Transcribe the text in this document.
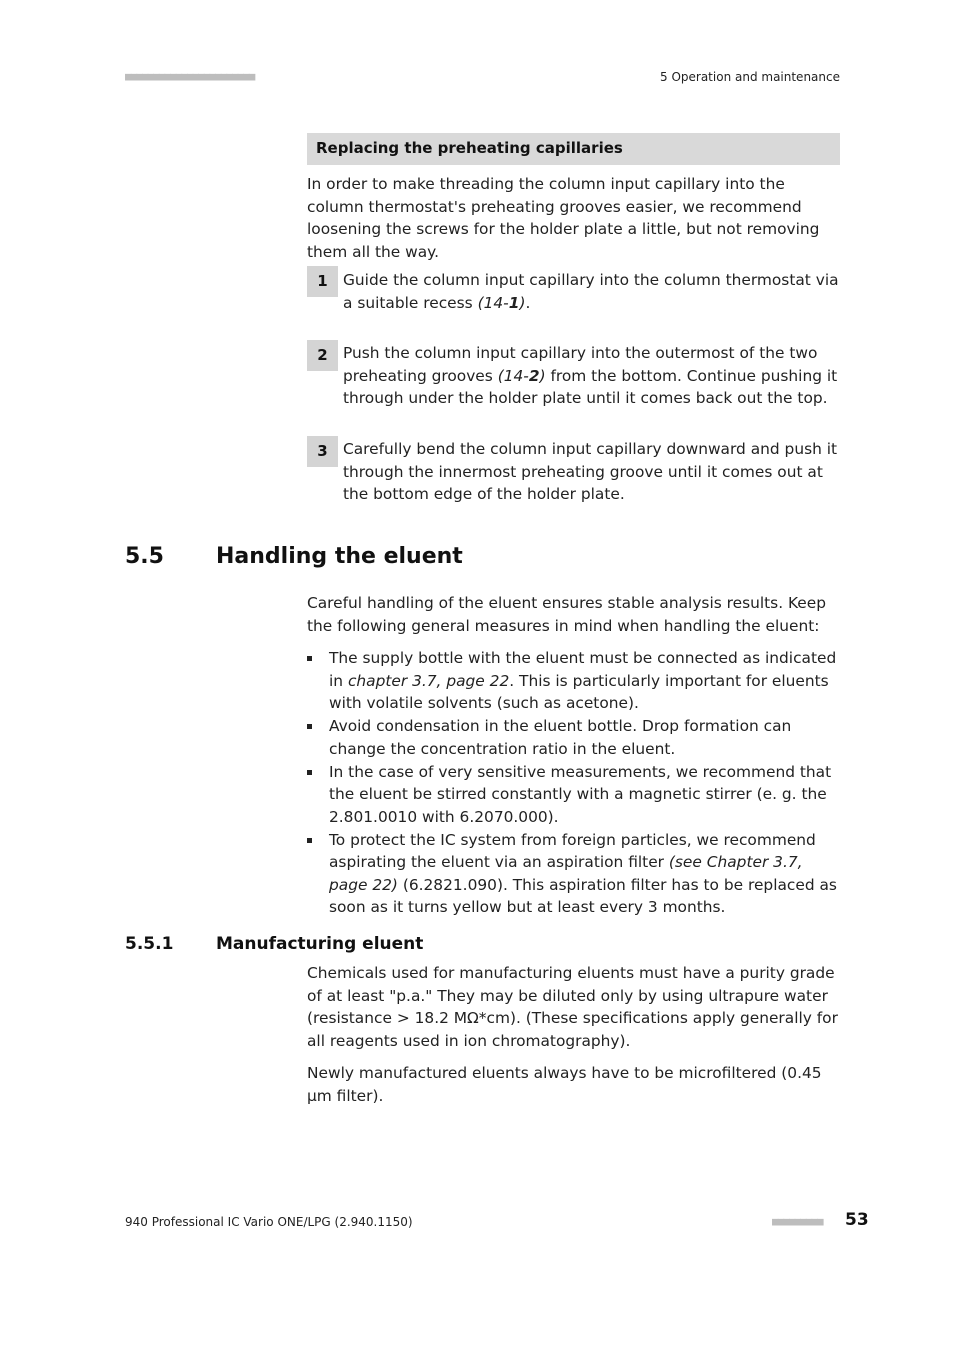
■■■■■■■■■■■■■■■■■■■■■■■	5 Operation and maintenance
Replacing the preheating capillaries
In order to make threading the column input capillary into the column thermostat's preheating grooves easier, we recommend loosening the screws for the holder plate a little, but not removing them all the way.
1 Guide the column input capillary into the column thermostat via a suitable recess (14-1).
2 Push the column input capillary into the outermost of the two preheating grooves (14-2) from the bottom. Continue pushing it through under the holder plate until it comes back out the top.
3 Carefully bend the column input capillary downward and push it through the innermost preheating groove until it comes out at the bottom edge of the holder plate.
5.5 Handling the eluent
Careful handling of the eluent ensures stable analysis results. Keep the following general measures in mind when handling the eluent:
The supply bottle with the eluent must be connected as indicated in chapter 3.7, page 22. This is particularly important for eluents with volatile solvents (such as acetone).
Avoid condensation in the eluent bottle. Drop formation can change the concentration ratio in the eluent.
In the case of very sensitive measurements, we recommend that the eluent be stirred constantly with a magnetic stirrer (e. g. the 2.801.0010 with 6.2070.000).
To protect the IC system from foreign particles, we recommend aspirating the eluent via an aspiration filter (see Chapter 3.7, page 22) (6.2821.090). This aspiration filter has to be replaced as soon as it turns yellow but at least every 3 months.
5.5.1	Manufacturing eluent
Chemicals used for manufacturing eluents must have a purity grade of at least "p.a." They may be diluted only by using ultrapure water (resistance > 18.2 MΩ*cm). (These specifications apply generally for all reagents used in ion chromatography).
Newly manufactured eluents always have to be microfiltered (0.45 µm filter).
940 Professional IC Vario ONE/LPG (2.940.1150)	■■■■■■■■■ 53
